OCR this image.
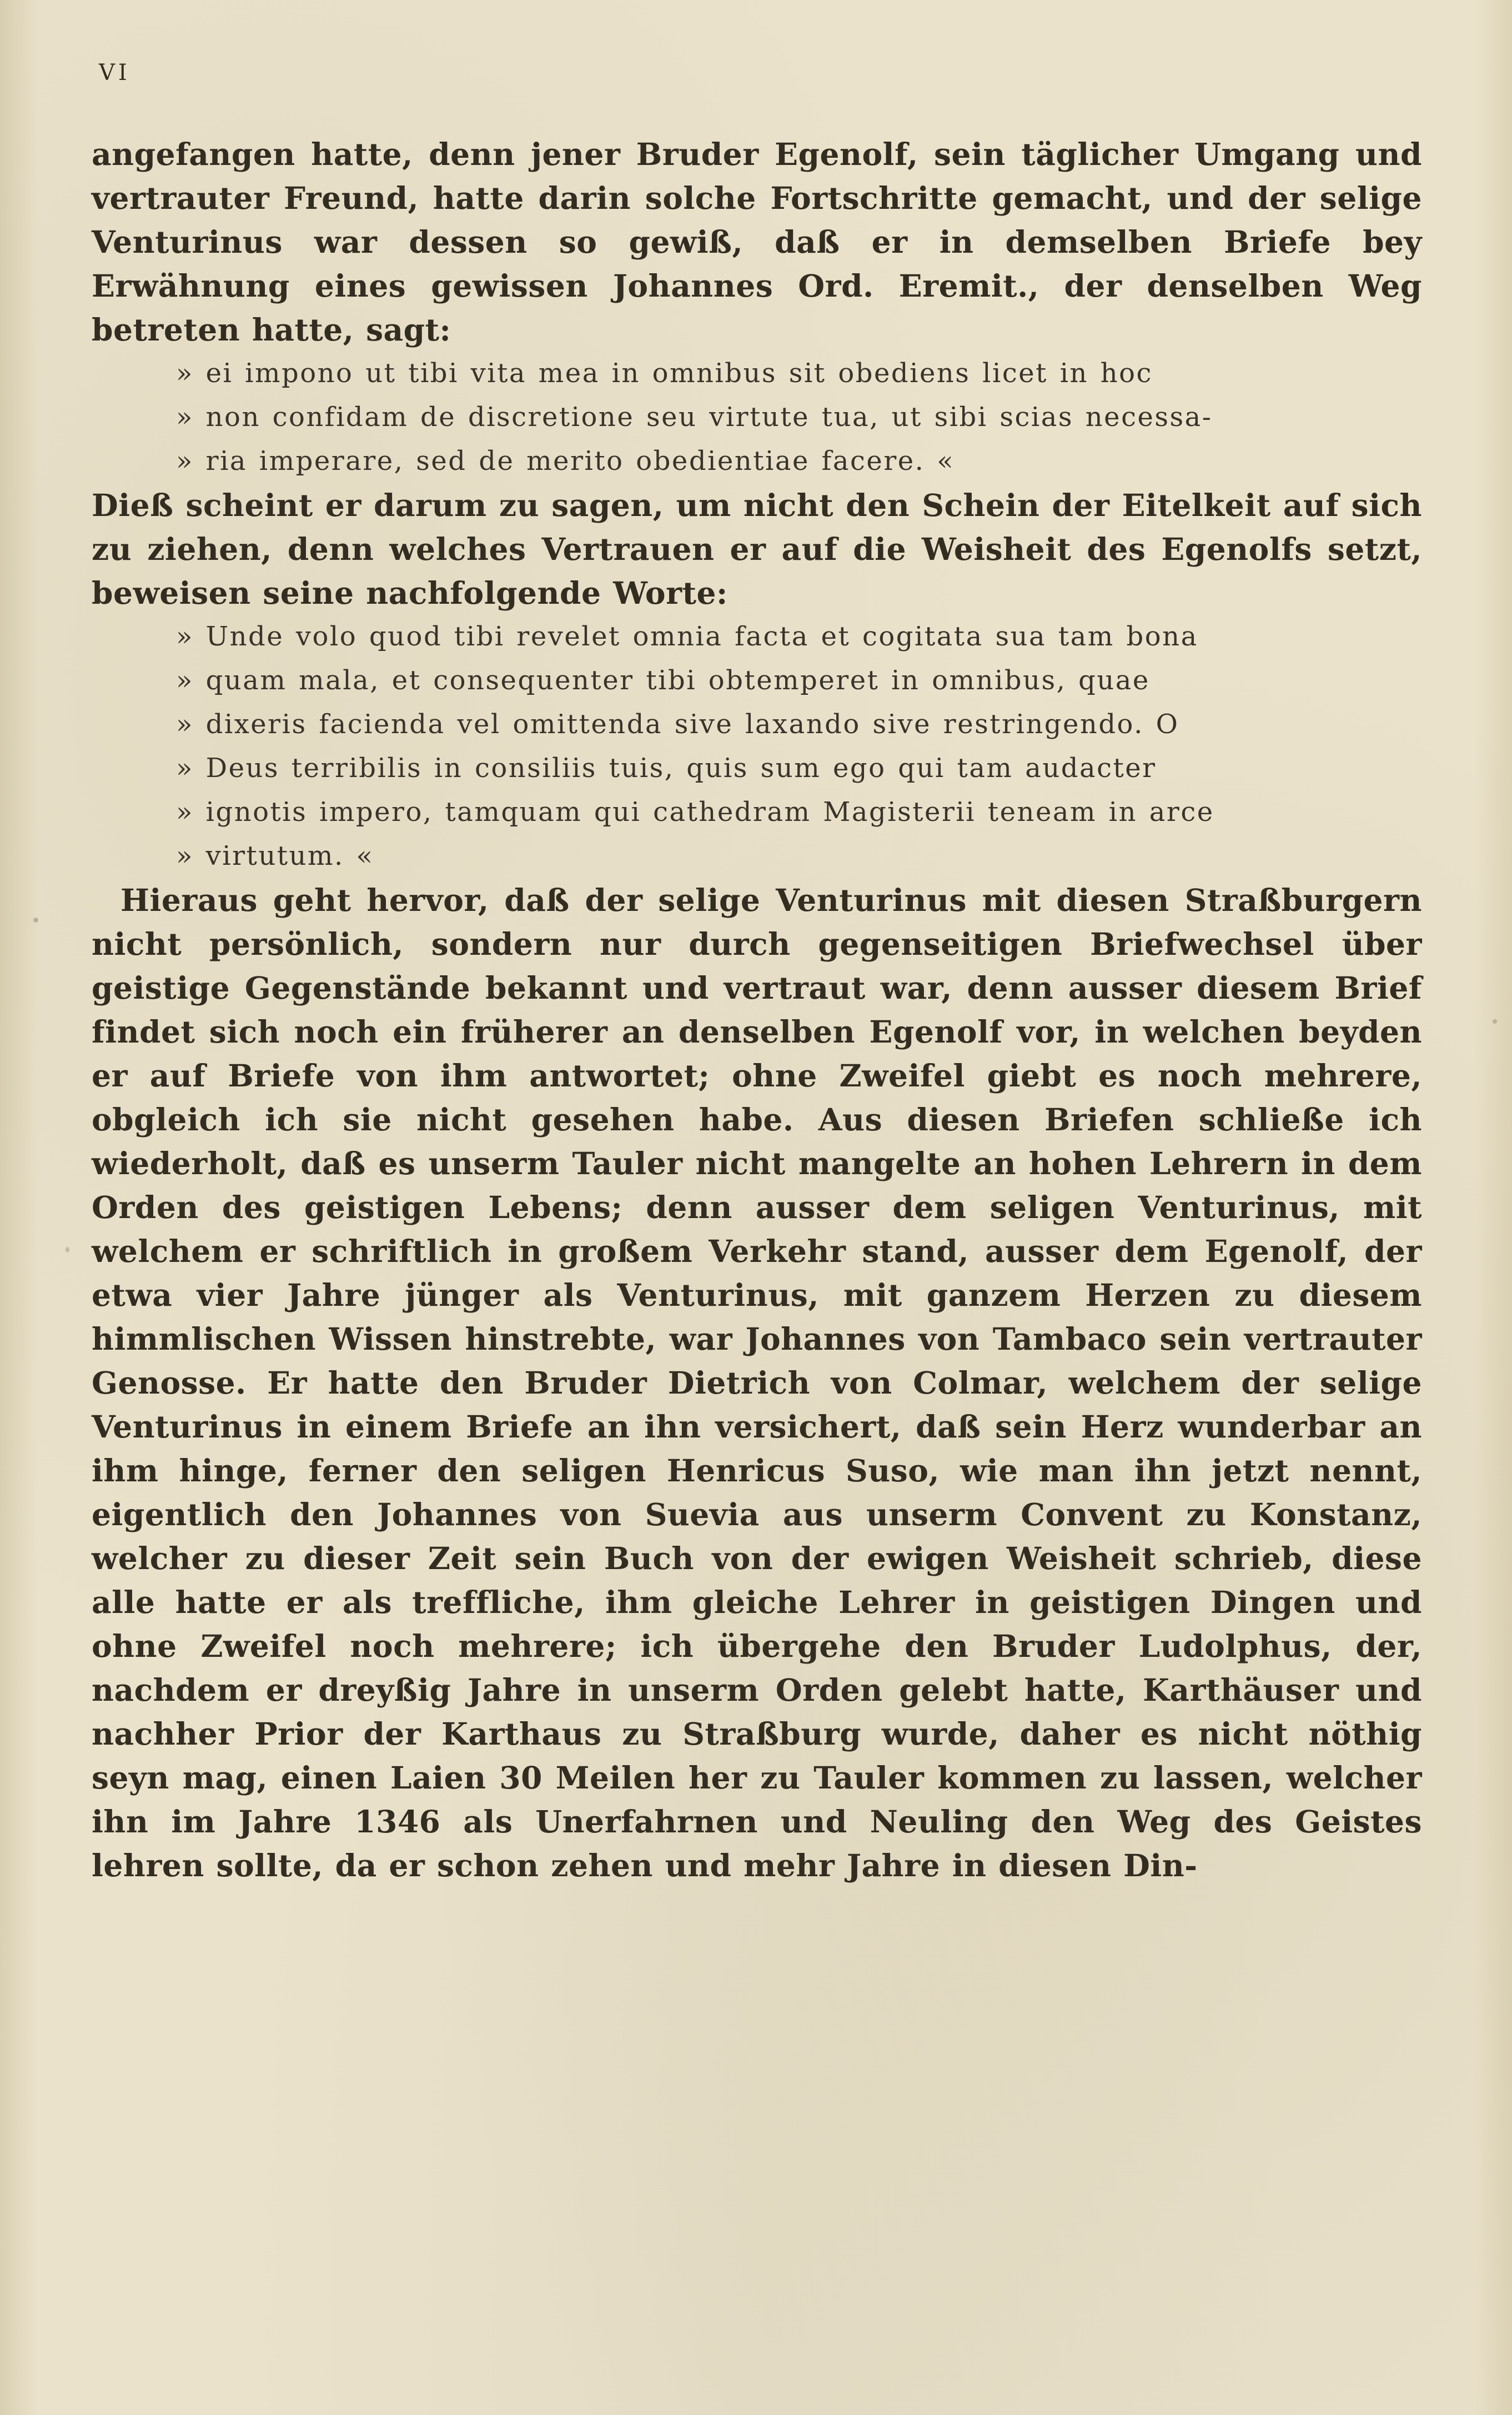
VI

angefangen hatte, denn jener Bruder Egenolf, sein täglicher Umgang und vertrauter Freund, hatte darin solche Fortschritte gemacht, und der selige Venturinus war dessen so gewiß, daß er in demselben Briefe bey Erwähnung eines gewissen Johannes Ord. Eremit., der denselben Weg betreten hatte, sagt:

» ei impono ut tibi vita mea in omnibus sit obediens licet in hoc
» non confidam de discretione seu virtute tua, ut sibi scias necessa-
» ria imperare, sed de merito obedientiae facere. «

Dieß scheint er darum zu sagen, um nicht den Schein der Eitelkeit auf sich zu ziehen, denn welches Vertrauen er auf die Weisheit des Egenolfs setzt, beweisen seine nachfolgende Worte:

» Unde volo quod tibi revelet omnia facta et cogitata sua tam bona
» quam mala, et consequenter tibi obtemperet in omnibus, quae
» dixeris facienda vel omittenda sive laxando sive restringendo. O
» Deus terribilis in consiliis tuis, quis sum ego qui tam audacter
» ignotis impero, tamquam qui cathedram Magisterii teneam in arce
» virtutum. «

Hieraus geht hervor, daß der selige Venturinus mit diesen Straßburgern nicht persönlich, sondern nur durch gegenseitigen Briefwechsel über geistige Gegenstände bekannt und vertraut war, denn ausser diesem Brief findet sich noch ein früherer an denselben Egenolf vor, in welchen beyden er auf Briefe von ihm antwortet; ohne Zweifel giebt es noch mehrere, obgleich ich sie nicht gesehen habe. Aus diesen Briefen schließe ich wiederholt, daß es unserm Tauler nicht mangelte an hohen Lehrern in dem Orden des geistigen Lebens; denn ausser dem seligen Venturinus, mit welchem er schriftlich in großem Verkehr stand, ausser dem Egenolf, der etwa vier Jahre jünger als Venturinus, mit ganzem Herzen zu diesem himmlischen Wissen hinstrebte, war Johannes von Tambaco sein vertrauter Genosse. Er hatte den Bruder Dietrich von Colmar, welchem der selige Venturinus in einem Briefe an ihn versichert, daß sein Herz wunderbar an ihm hinge, ferner den seligen Henricus Suso, wie man ihn jetzt nennt, eigentlich den Johannes von Suevia aus unserm Convent zu Konstanz, welcher zu dieser Zeit sein Buch von der ewigen Weisheit schrieb, diese alle hatte er als treffliche, ihm gleiche Lehrer in geistigen Dingen und ohne Zweifel noch mehrere; ich übergehe den Bruder Ludolphus, der, nachdem er dreyßig Jahre in unserm Orden gelebt hatte, Karthäuser und nachher Prior der Karthaus zu Straßburg wurde, daher es nicht nöthig seyn mag, einen Laien 30 Meilen her zu Tauler kommen zu lassen, welcher ihn im Jahre 1346 als Unerfahrnen und Neuling den Weg des Geistes lehren sollte, da er schon zehen und mehr Jahre in diesen Din-
